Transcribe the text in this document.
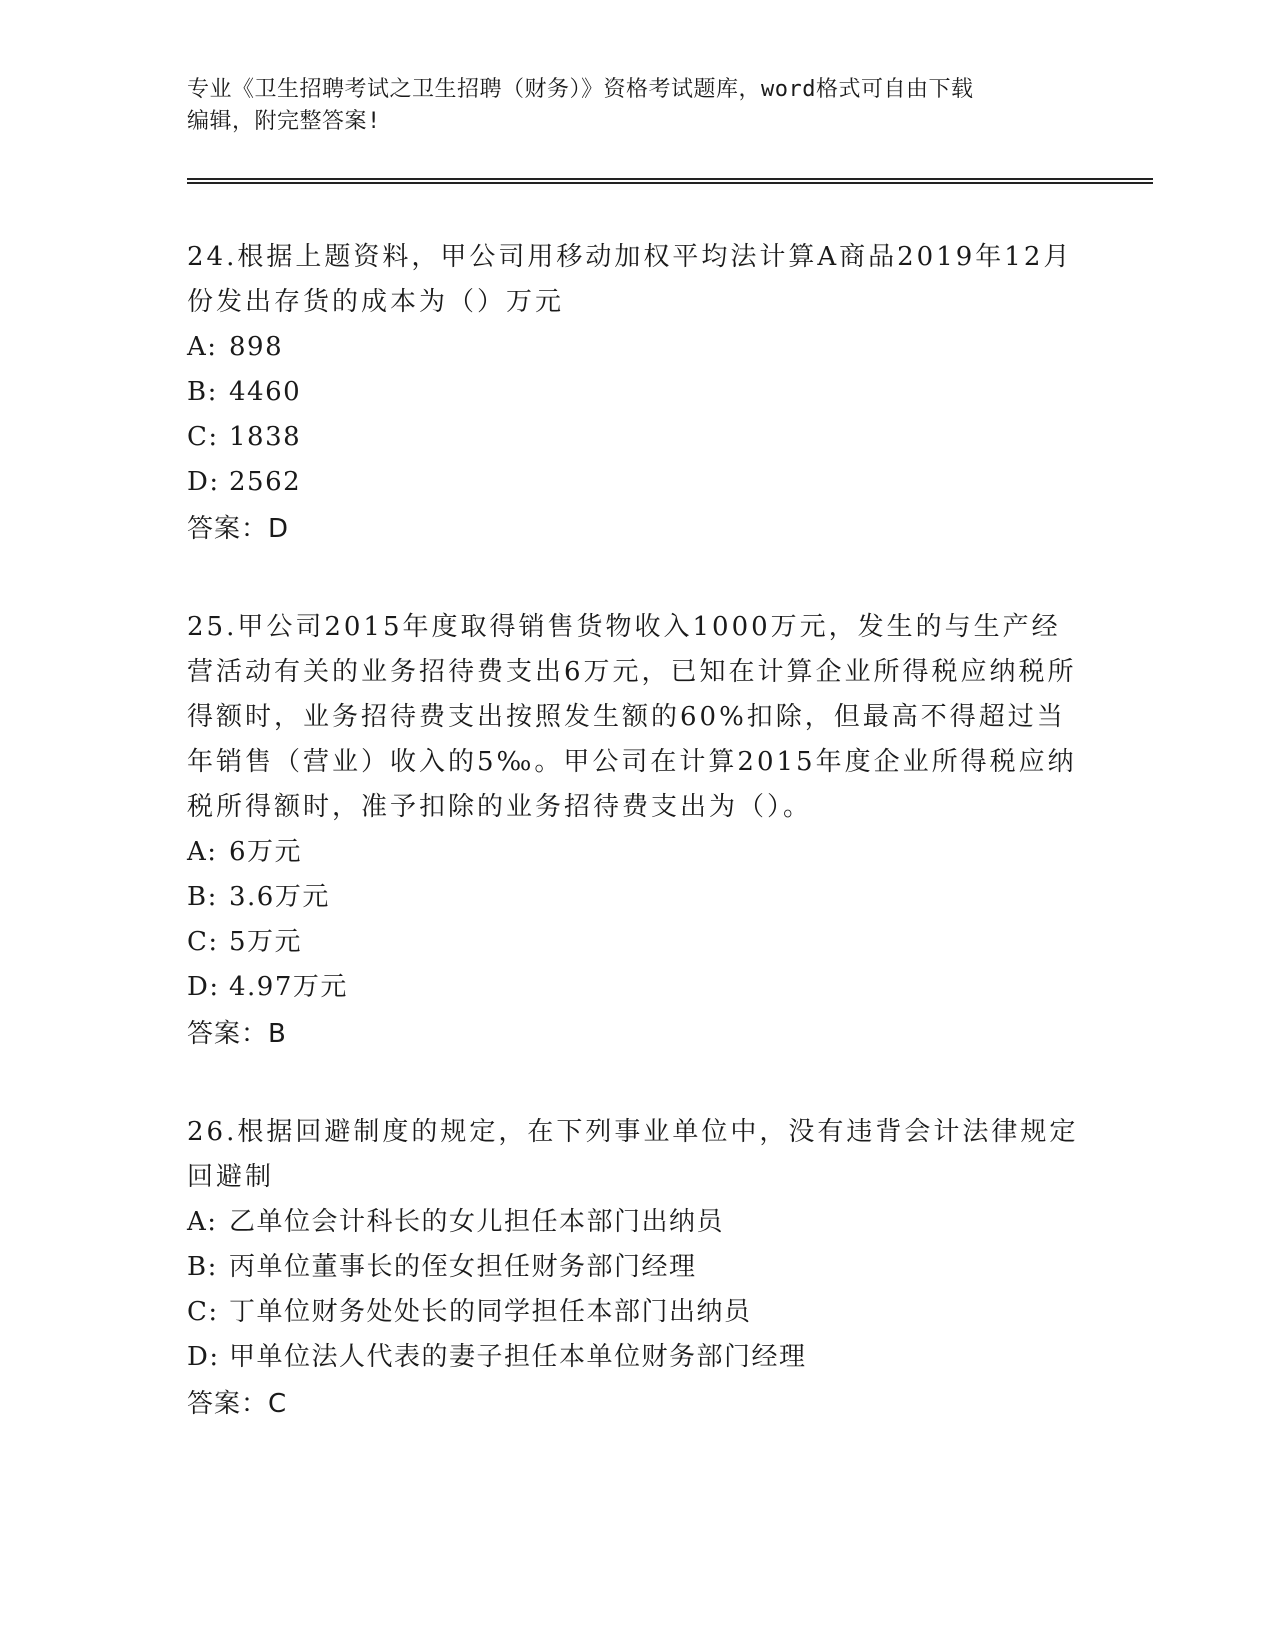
专业《卫生招聘考试之卫生招聘（财务）》资格考试题库，word格式可自由下载
编辑，附完整答案!

24.根据上题资料，甲公司用移动加权平均法计算A商品2019年12月份发出存货的成本为（）万元

A: 898

B: 4460

C: 1838

D: 2562

答案：D

25.甲公司2015年度取得销售货物收入1000万元，发生的与生产经营活动有关的业务招待费支出6万元，已知在计算企业所得税应纳税所得额时，业务招待费支出按照发生额的60%扣除，但最高不得超过当年销售（营业）收入的5‰。甲公司在计算2015年度企业所得税应纳税所得额时，准予扣除的业务招待费支出为（）。

A: 6万元

B: 3.6万元

C: 5万元

D: 4.97万元

答案：B

26.根据回避制度的规定，在下列事业单位中，没有违背会计法律规定回避制

A: 乙单位会计科长的女儿担任本部门出纳员

B: 丙单位董事长的侄女担任财务部门经理

C: 丁单位财务处处长的同学担任本部门出纳员

D: 甲单位法人代表的妻子担任本单位财务部门经理

答案：C
